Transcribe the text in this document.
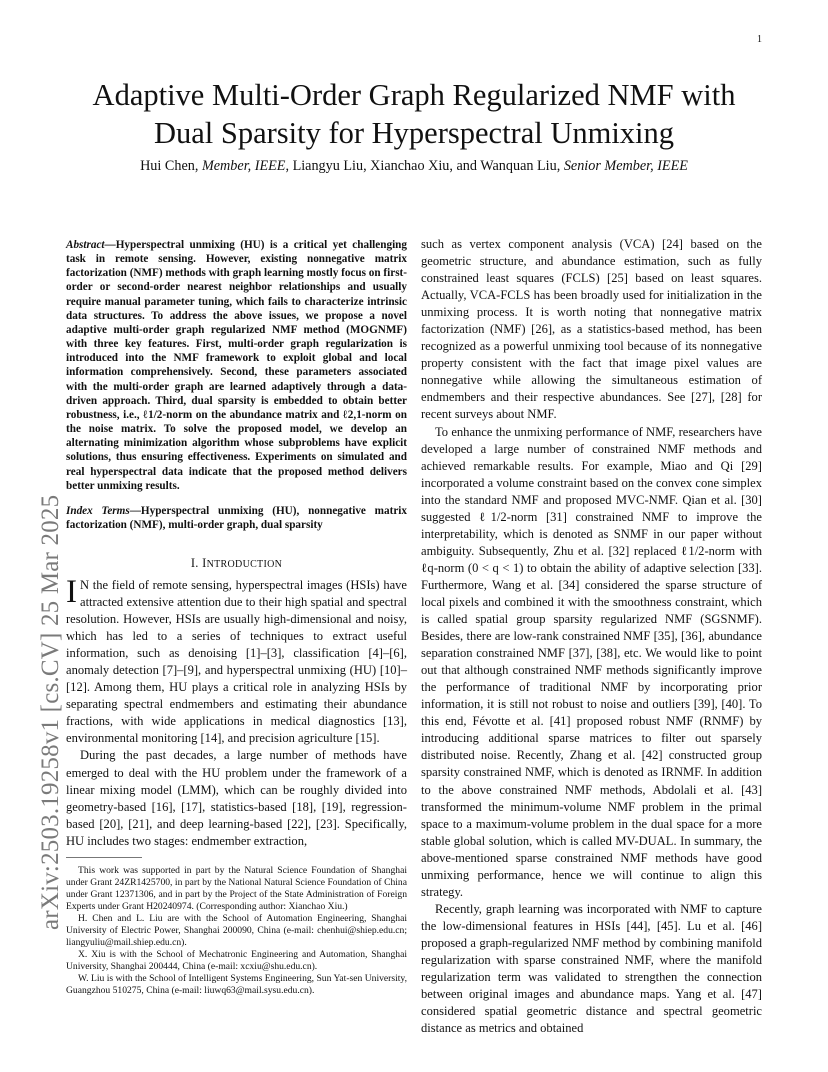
1
arXiv:2503.19258v1 [cs.CV] 25 Mar 2025
Adaptive Multi-Order Graph Regularized NMF with Dual Sparsity for Hyperspectral Unmixing
Hui Chen, Member, IEEE, Liangyu Liu, Xianchao Xiu, and Wanquan Liu, Senior Member, IEEE
Abstract—Hyperspectral unmixing (HU) is a critical yet challenging task in remote sensing. However, existing nonnegative matrix factorization (NMF) methods with graph learning mostly focus on first-order or second-order nearest neighbor relationships and usually require manual parameter tuning, which fails to characterize intrinsic data structures. To address the above issues, we propose a novel adaptive multi-order graph regularized NMF method (MOGNMF) with three key features. First, multi-order graph regularization is introduced into the NMF framework to exploit global and local information comprehensively. Second, these parameters associated with the multi-order graph are learned adaptively through a data-driven approach. Third, dual sparsity is embedded to obtain better robustness, i.e., ℓ1/2-norm on the abundance matrix and ℓ2,1-norm on the noise matrix. To solve the proposed model, we develop an alternating minimization algorithm whose subproblems have explicit solutions, thus ensuring effectiveness. Experiments on simulated and real hyperspectral data indicate that the proposed method delivers better unmixing results.
Index Terms—Hyperspectral unmixing (HU), nonnegative matrix factorization (NMF), multi-order graph, dual sparsity
I. INTRODUCTION

I N the field of remote sensing, hyperspectral images (HSIs) have attracted extensive attention due to their high spatial and spectral resolution. However, HSIs are usually high-dimensional and noisy, which has led to a series of techniques to extract useful information, such as denoising [1]–[3], classification [4]–[6], anomaly detection [7]–[9], and hyperspectral unmixing (HU) [10]–[12]. Among them, HU plays a critical role in analyzing HSIs by separating spectral endmembers and estimating their abundance fractions, with wide applications in medical diagnostics [13], environmental monitoring [14], and precision agriculture [15].

During the past decades, a large number of methods have emerged to deal with the HU problem under the framework of a linear mixing model (LMM), which can be roughly divided into geometry-based [16], [17], statistics-based [18], [19], regression-based [20], [21], and deep learning-based [22], [23]. Specifically, HU includes two stages: endmember extraction,

This work was supported in part by the Natural Science Foundation of Shanghai under Grant 24ZR1425700, in part by the National Natural Science Foundation of China under Grant 12371306, and in part by the Project of the State Administration of Foreign Experts under Grant H20240974. (Corresponding author: Xianchao Xiu.)

H. Chen and L. Liu are with the School of Automation Engineering, Shanghai University of Electric Power, Shanghai 200090, China (e-mail: chenhui@shiep.edu.cn; liangyuliu@mail.shiep.edu.cn).

X. Xiu is with the School of Mechatronic Engineering and Automation, Shanghai University, Shanghai 200444, China (e-mail: xcxiu@shu.edu.cn).

W. Liu is with the School of Intelligent Systems Engineering, Sun Yat-sen University, Guangzhou 510275, China (e-mail: liuwq63@mail.sysu.edu.cn).

such as vertex component analysis (VCA) [24] based on the geometric structure, and abundance estimation, such as fully constrained least squares (FCLS) [25] based on least squares. Actually, VCA-FCLS has been broadly used for initialization in the unmixing process. It is worth noting that nonnegative matrix factorization (NMF) [26], as a statistics-based method, has been recognized as a powerful unmixing tool because of its nonnegative property consistent with the fact that image pixel values are nonnegative while allowing the simultaneous estimation of endmembers and their respective abundances. See [27], [28] for recent surveys about NMF.

To enhance the unmixing performance of NMF, researchers have developed a large number of constrained NMF methods and achieved remarkable results. For example, Miao and Qi [29] incorporated a volume constraint based on the convex cone simplex into the standard NMF and proposed MVC-NMF. Qian et al. [30] suggested ℓ1/2-norm [31] constrained NMF to improve the interpretability, which is denoted as SNMF in our paper without ambiguity. Subsequently, Zhu et al. [32] replaced ℓ1/2-norm with ℓq-norm (0 < q < 1) to obtain the ability of adaptive selection [33]. Furthermore, Wang et al. [34] considered the sparse structure of local pixels and combined it with the smoothness constraint, which is called spatial group sparsity regularized NMF (SGSNMF). Besides, there are low-rank constrained NMF [35], [36], abundance separation constrained NMF [37], [38], etc. We would like to point out that although constrained NMF methods significantly improve the performance of traditional NMF by incorporating prior information, it is still not robust to noise and outliers [39], [40]. To this end, Févotte et al. [41] proposed robust NMF (RNMF) by introducing additional sparse matrices to filter out sparsely distributed noise. Recently, Zhang et al. [42] constructed group sparsity constrained NMF, which is denoted as IRNMF. In addition to the above constrained NMF methods, Abdolali et al. [43] transformed the minimum-volume NMF problem in the primal space to a maximum-volume problem in the dual space for a more stable global solution, which is called MV-DUAL. In summary, the above-mentioned sparse constrained NMF methods have good unmixing performance, hence we will continue to align this strategy.

Recently, graph learning was incorporated with NMF to capture the low-dimensional features in HSIs [44], [45]. Lu et al. [46] proposed a graph-regularized NMF method by combining manifold regularization with sparse constrained NMF, where the manifold regularization term was validated to strengthen the connection between original images and abundance maps. Yang et al. [47] considered spatial geometric distance and spectral geometric distance as metrics and obtained
